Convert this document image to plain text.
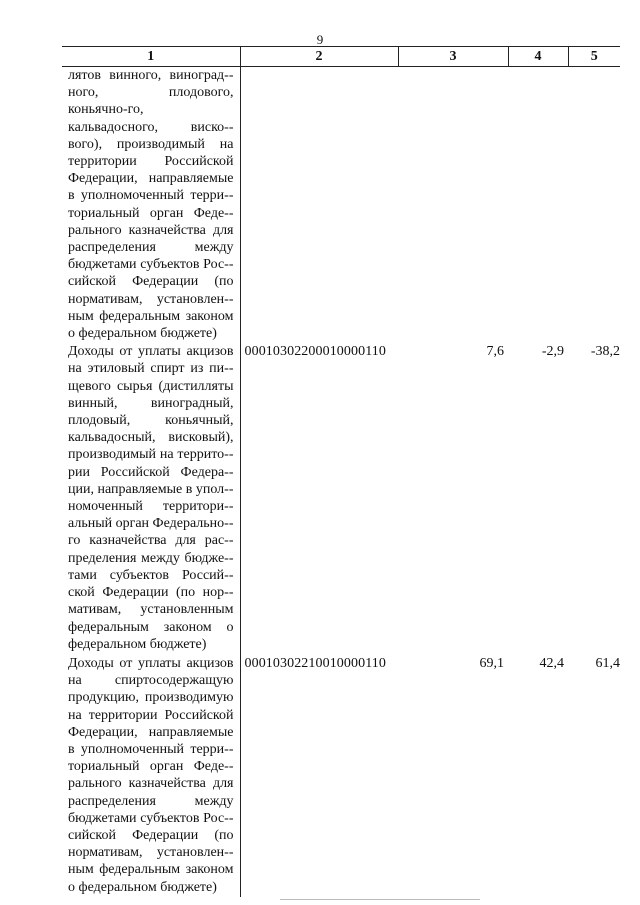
9
1	2	3	4	5
лятов винного, виноград-ного, плодового, коньячно-го, кальвадосного, виско-вого), производимый на территории Российской Федерации, направляемые в уполномоченный терри-ториальный орган Феде-рального казначейства для распределения между бюджетами субъектов Рос-сийской Федерации (по нормативам, установлен-ным федеральным законом о федеральном бюджете)				
Доходы от уплаты акцизов на этиловый спирт из пи-щевого сырья (дистилляты винный, виноградный, плодовый, коньячный, кальвадосный, висковый), производимый на террито-рии Российской Федера-ции, направляемые в упол-номоченный территори-альный орган Федерально-го казначейства для рас-пределения между бюдже-тами субъектов Россий-ской Федерации (по нор-мативам, установленным федеральным законом о федеральном бюджете)	00010302200010000110	7,6	-2,9	-38,2
Доходы от уплаты акцизов на спиртосодержащую продукцию, производимую на территории Российской Федерации, направляемые в уполномоченный терри-ториальный орган Феде-рального казначейства для распределения между бюджетами субъектов Рос-сийской Федерации (по нормативам, установлен-ным федеральным законом о федеральном бюджете)	00010302210010000110	69,1	42,4	61,4
